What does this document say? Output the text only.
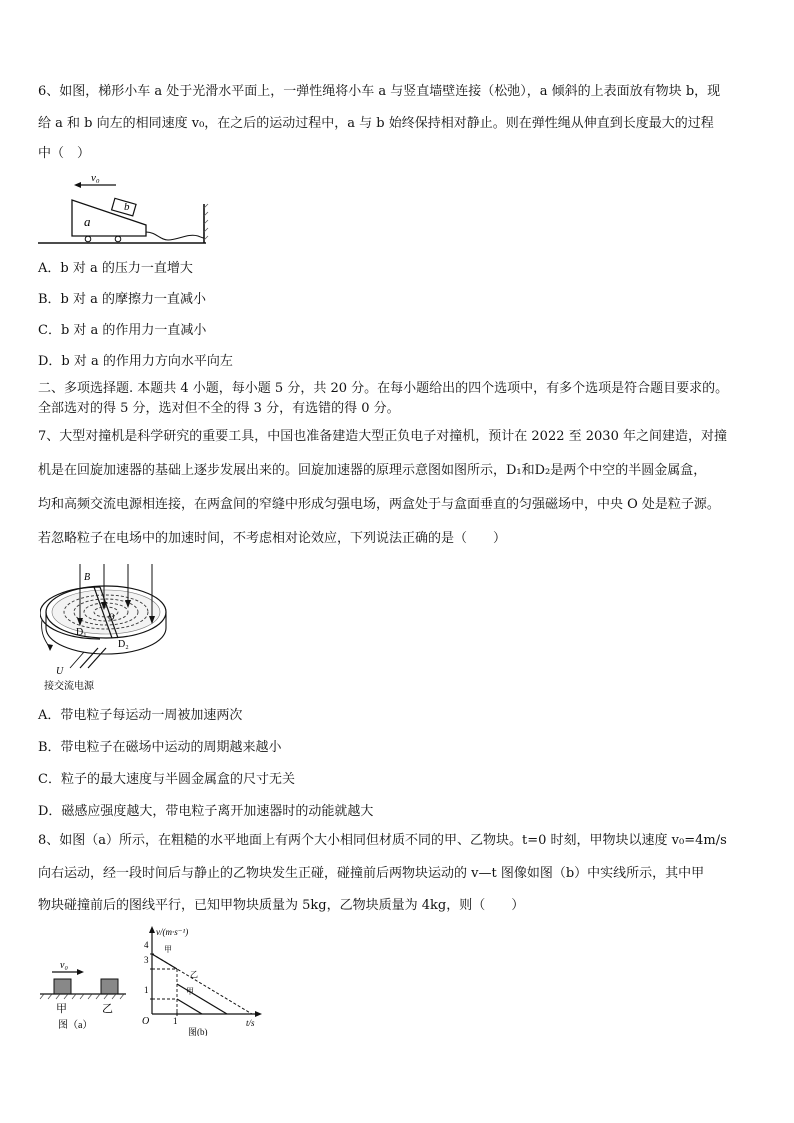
6、如图，梯形小车 a 处于光滑水平面上，一弹性绳将小车 a 与竖直墙壁连接（松弛），a 倾斜的上表面放有物块 b，现
给 a 和 b 向左的相同速度 v₀，在之后的运动过程中，a 与 b 始终保持相对静止。则在弹性绳从伸直到长度最大的过程
中（　）
v₀
a
b
A．b 对 a 的压力一直增大
B．b 对 a 的摩擦力一直减小
C．b 对 a 的作用力一直减小
D．b 对 a 的作用力方向水平向左
二、多项选择题. 本题共 4 小题，每小题 5 分，共 20 分。在每小题给出的四个选项中，有多个选项是符合题目要求的。
全部选对的得 5 分，选对但不全的得 3 分，有选错的得 0 分。
7、大型对撞机是科学研究的重要工具，中国也准备建造大型正负电子对撞机，预计在 2022 至 2030 年之间建造，对撞
机是在回旋加速器的基础上逐步发展出来的。回旋加速器的原理示意图如图所示，D₁和D₂是两个中空的半圆金属盒，
均和高频交流电源相连接，在两盒间的窄缝中形成匀强电场，两盒处于与盒面垂直的匀强磁场中，中央 O 处是粒子源。
若忽略粒子在电场中的加速时间，不考虑相对论效应，下列说法正确的是（　　）
B
O
D₁
D₂
U
接交流电源
A．带电粒子每运动一周被加速两次
B．带电粒子在磁场中运动的周期越来越小
C．粒子的最大速度与半圆金属盒的尺寸无关
D．磁感应强度越大，带电粒子离开加速器时的动能就越大
8、如图（a）所示，在粗糙的水平地面上有两个大小相同但材质不同的甲、乙物块。t=0 时刻，甲物块以速度 v₀=4m/s
向右运动，经一段时间后与静止的乙物块发生正碰，碰撞前后两物块运动的 v—t 图像如图（b）中实线所示，其中甲
物块碰撞前后的图线平行，已知甲物块质量为 5kg，乙物块质量为 4kg，则（　　）
v₀
甲	乙
图（a）
v/(m·s⁻¹)
t/s
O
4
3
1
1
甲
乙
甲
图(b)
